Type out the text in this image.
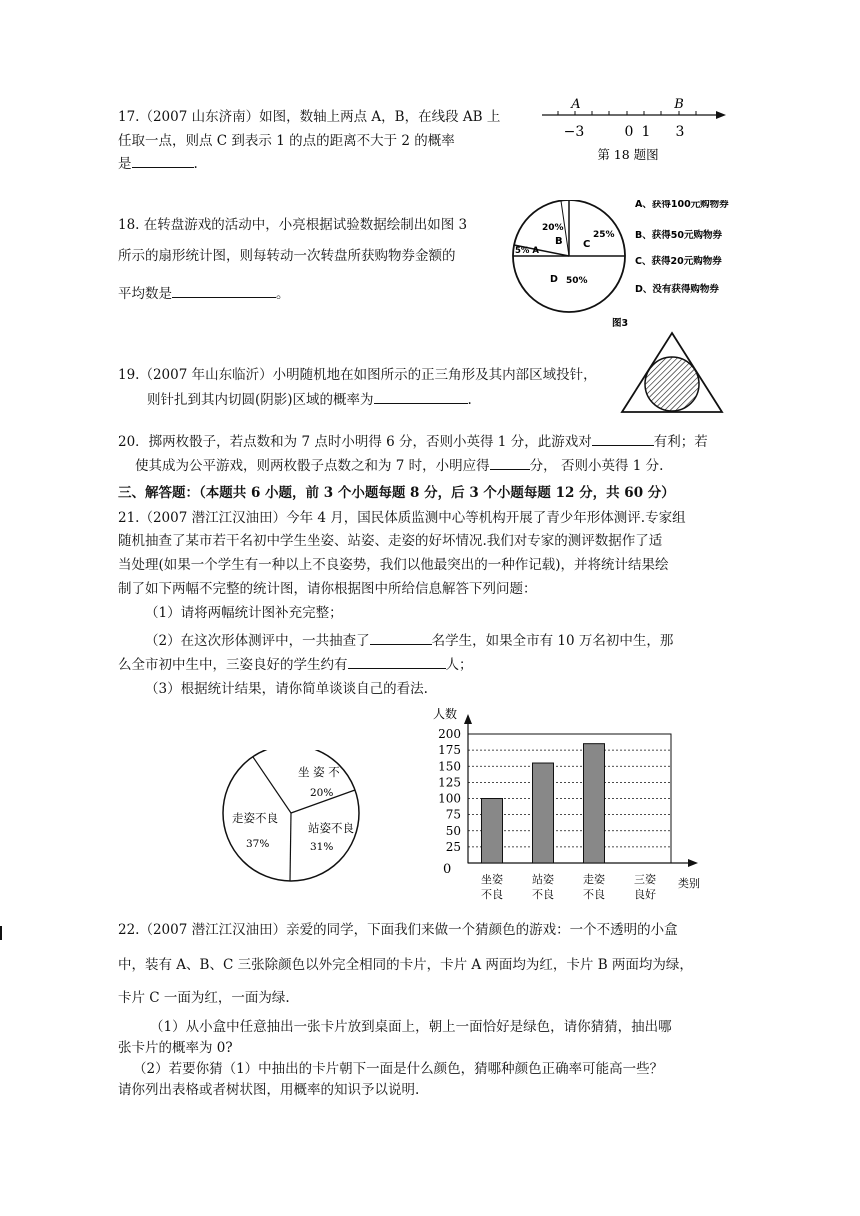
17.（2007 山东济南）如图，数轴上两点 A，B，在线段 AB 上
任取一点，则点 C 到表示 1 的点的距离不大于 2 的概率
是	.
A	B
−3	0 1 3
第 18 题图
18. 在转盘游戏的活动中，小亮根据试验数据绘制出如图 3
所示的扇形统计图，则每转动一次转盘所获购物券金额的
平均数是	。
20%
B
25%
C
5% A
D 50%
A、获得100元购物券
B、获得50元购物券
C、获得20元购物券
D、没有获得购物券
图3
19.（2007 年山东临沂）小明随机地在如图所示的正三角形及其内部区域投针，
则针扎到其内切圆(阴影)区域的概率为	.
20．掷两枚骰子，若点数和为 7 点时小明得 6 分，否则小英得 1 分，此游戏对	有利；若
使其成为公平游戏，则两枚骰子点数之和为 7 时，小明应得	分， 否则小英得 1 分.
三、解答题：（本题共 6 小题，前 3 个小题每题 8 分，后 3 个小题每题 12 分，共 60 分）
21.（2007 潜江江汉油田）今年 4 月，国民体质监测中心等机构开展了青少年形体测评.专家组
随机抽查了某市若干名初中学生坐姿、站姿、走姿的好坏情况.我们对专家的测评数据作了适
当处理(如果一个学生有一种以上不良姿势，我们以他最突出的一种作记载)，并将统计结果绘
制了如下两幅不完整的统计图，请你根据图中所给信息解答下列问题：
（1）请将两幅统计图补充完整；
（2）在这次形体测评中，一共抽查了	名学生，如果全市有 10 万名初中生，那
么全市初中生中，三姿良好的学生约有	人；
（3）根据统计结果，请你简单谈谈自己的看法.
坐 姿 不
20%
走姿不良
37%
站姿不良
31%
人数
类别
200
175
150
125
100
75
50
25
0
坐姿
不良
站姿
不良
走姿
不良
三姿
良好
22.（2007 潜江江汉油田）亲爱的同学，下面我们来做一个猜颜色的游戏：一个不透明的小盒
中，装有 A、B、C 三张除颜色以外完全相同的卡片，卡片 A 两面均为红，卡片 B 两面均为绿，
卡片 C 一面为红，一面为绿.
（1）从小盒中任意抽出一张卡片放到桌面上，朝上一面恰好是绿色，请你猜猜，抽出哪
张卡片的概率为 0?
（2）若要你猜（1）中抽出的卡片朝下一面是什么颜色，猜哪种颜色正确率可能高一些？
请你列出表格或者树状图，用概率的知识予以说明.
